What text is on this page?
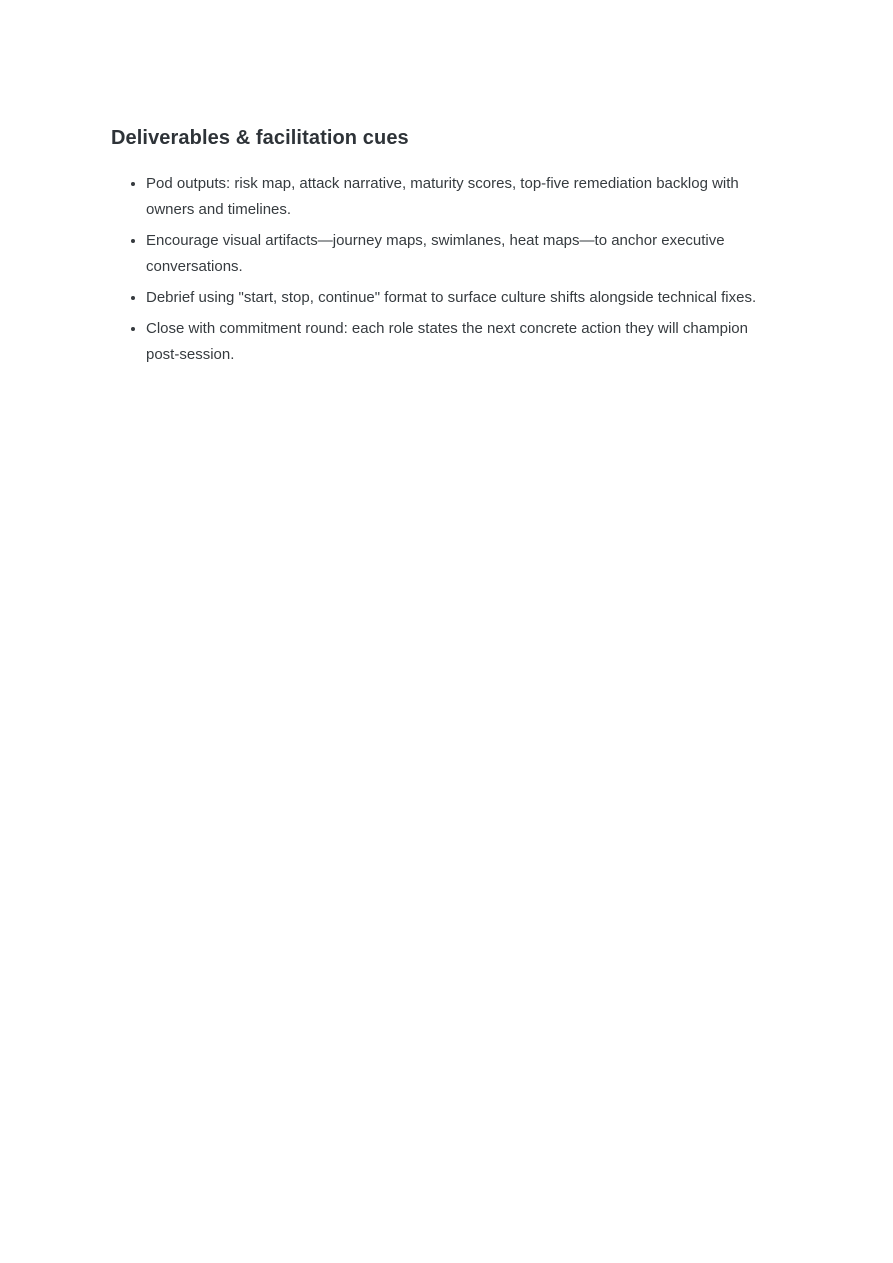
Deliverables & facilitation cues
• Pod outputs: risk map, attack narrative, maturity scores, top-five remediation backlog with owners and timelines.
• Encourage visual artifacts—journey maps, swimlanes, heat maps—to anchor executive conversations.
• Debrief using "start, stop, continue" format to surface culture shifts alongside technical fixes.
• Close with commitment round: each role states the next concrete action they will champion post-session.
